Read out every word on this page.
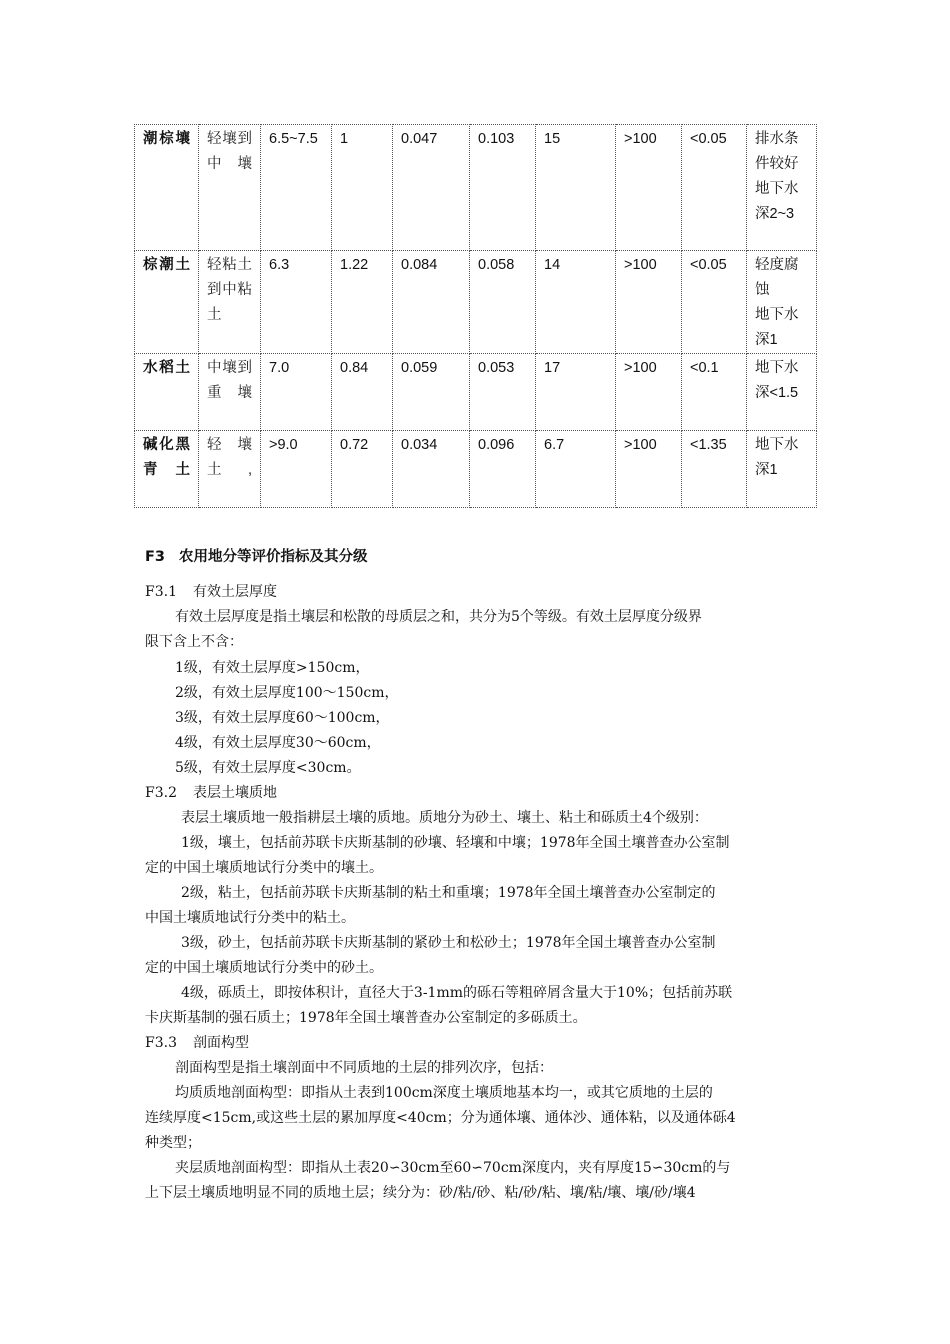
潮棕壤	轻壤到中壤	6.5~7.5	1	0.047	0.103	15	>100	<0.05	排水条
件较好
地下水
深2~3

棕潮土	轻粘土到中粘土	6.3	1.22	0.084	0.058	14	>100	<0.05	轻度腐
蚀
地下水
深1

水稻土	中壤到重壤	7.0	0.84	0.059	0.053	17	>100	<0.1	地下水
深<1.5

碱化黑青土	轻壤土,	>9.0	0.72	0.034	0.096	6.7	>100	<1.35	地下水
深1
F3 农用地分等评价指标及其分级
F3.1 有效土层厚度
有效土层厚度是指土壤层和松散的母质层之和，共分为5个等级。有效土层厚度分级界
限下含上不含：
1级，有效土层厚度>150cm，
2级，有效土层厚度100～150cm，
3级，有效土层厚度60～100cm，
4级，有效土层厚度30～60cm，
5级，有效土层厚度<30cm。
F3.2 表层土壤质地
表层土壤质地一般指耕层土壤的质地。质地分为砂土、壤土、粘土和砾质土4个级别：
1级，壤土，包括前苏联卡庆斯基制的砂壤、轻壤和中壤；1978年全国土壤普查办公室制
定的中国土壤质地试行分类中的壤土。
2级，粘土，包括前苏联卡庆斯基制的粘土和重壤；1978年全国土壤普查办公室制定的
中国土壤质地试行分类中的粘土。
3级，砂土，包括前苏联卡庆斯基制的紧砂土和松砂土；1978年全国土壤普查办公室制
定的中国土壤质地试行分类中的砂土。
4级，砾质土，即按体积计，直径大于3-1mm的砾石等粗碎屑含量大于10%；包括前苏联
卡庆斯基制的强石质土；1978年全国土壤普查办公室制定的多砾质土。
F3.3 剖面构型
剖面构型是指土壤剖面中不同质地的土层的排列次序，包括：
均质质地剖面构型：即指从土表到100cm深度土壤质地基本均一，或其它质地的土层的
连续厚度<15cm,或这些土层的累加厚度<40cm；分为通体壤、通体沙、通体粘，以及通体砾4
种类型；
夹层质地剖面构型：即指从土表20∽30cm至60∽70cm深度内，夹有厚度15∽30cm的与
上下层土壤质地明显不同的质地土层；续分为：砂/粘/砂、粘/砂/粘、壤/粘/壤、壤/砂/壤4
